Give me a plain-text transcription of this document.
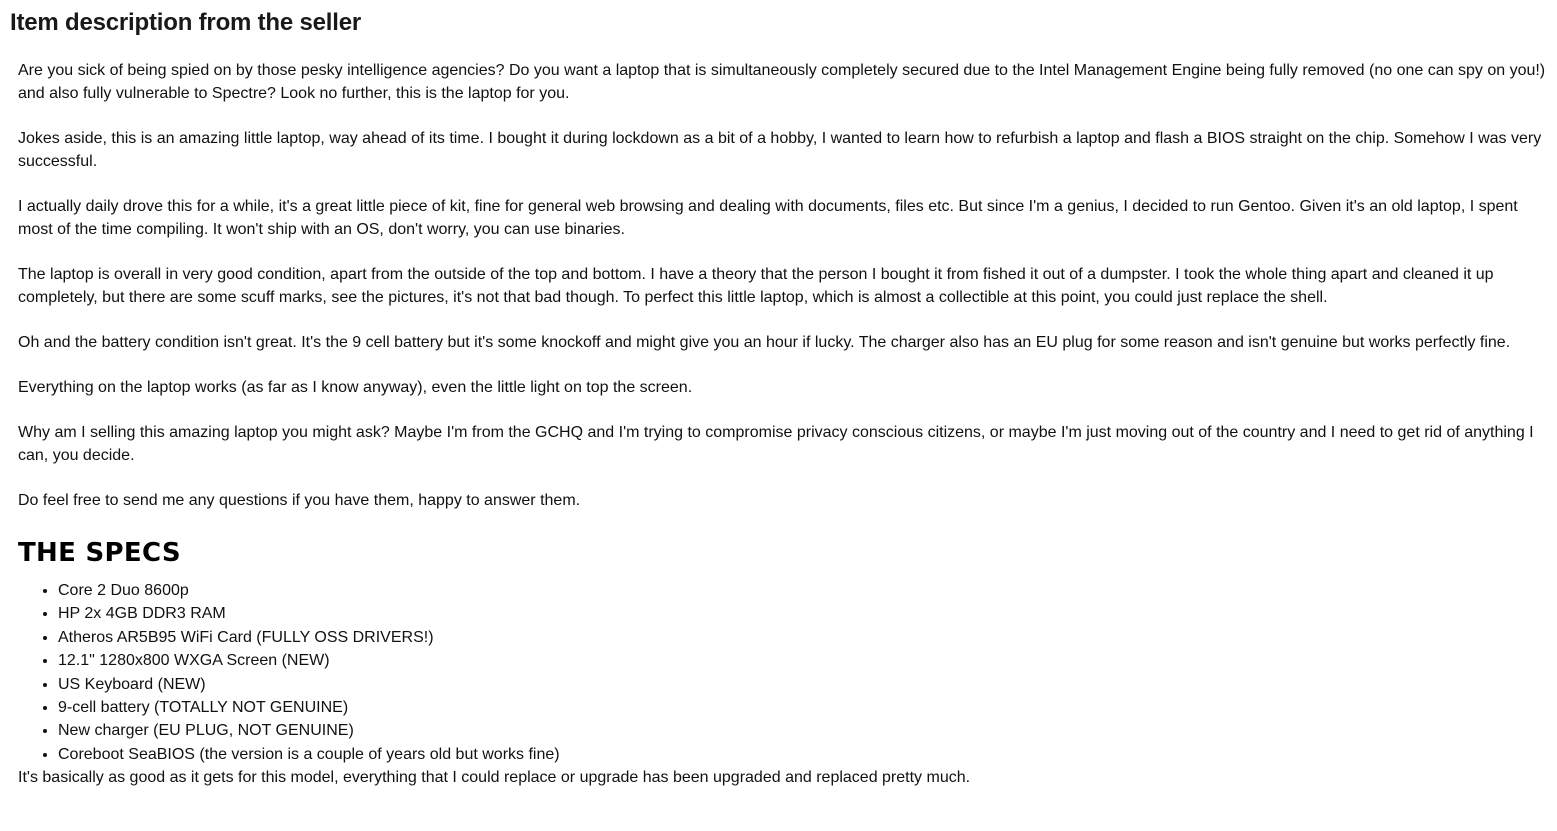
Item description from the seller

Are you sick of being spied on by those pesky intelligence agencies? Do you want a laptop that is simultaneously completely secured due to the Intel Management Engine being fully removed (no one can spy on you!) and also fully vulnerable to Spectre? Look no further, this is the laptop for you.

Jokes aside, this is an amazing little laptop, way ahead of its time. I bought it during lockdown as a bit of a hobby, I wanted to learn how to refurbish a laptop and flash a BIOS straight on the chip. Somehow I was very successful.

I actually daily drove this for a while, it's a great little piece of kit, fine for general web browsing and dealing with documents, files etc. But since I'm a genius, I decided to run Gentoo. Given it's an old laptop, I spent most of the time compiling. It won't ship with an OS, don't worry, you can use binaries.

The laptop is overall in very good condition, apart from the outside of the top and bottom. I have a theory that the person I bought it from fished it out of a dumpster. I took the whole thing apart and cleaned it up completely, but there are some scuff marks, see the pictures, it's not that bad though. To perfect this little laptop, which is almost a collectible at this point, you could just replace the shell.

Oh and the battery condition isn't great. It's the 9 cell battery but it's some knockoff and might give you an hour if lucky. The charger also has an EU plug for some reason and isn't genuine but works perfectly fine.

Everything on the laptop works (as far as I know anyway), even the little light on top the screen.

Why am I selling this amazing laptop you might ask? Maybe I'm from the GCHQ and I'm trying to compromise privacy conscious citizens, or maybe I'm just moving out of the country and I need to get rid of anything I can, you decide.

Do feel free to send me any questions if you have them, happy to answer them.

THE SPECS
• Core 2 Duo 8600p
• HP 2x 4GB DDR3 RAM
• Atheros AR5B95 WiFi Card (FULLY OSS DRIVERS!)
• 12.1" 1280x800 WXGA Screen (NEW)
• US Keyboard (NEW)
• 9-cell battery (TOTALLY NOT GENUINE)
• New charger (EU PLUG, NOT GENUINE)
• Coreboot SeaBIOS (the version is a couple of years old but works fine)

It's basically as good as it gets for this model, everything that I could replace or upgrade has been upgraded and replaced pretty much.
